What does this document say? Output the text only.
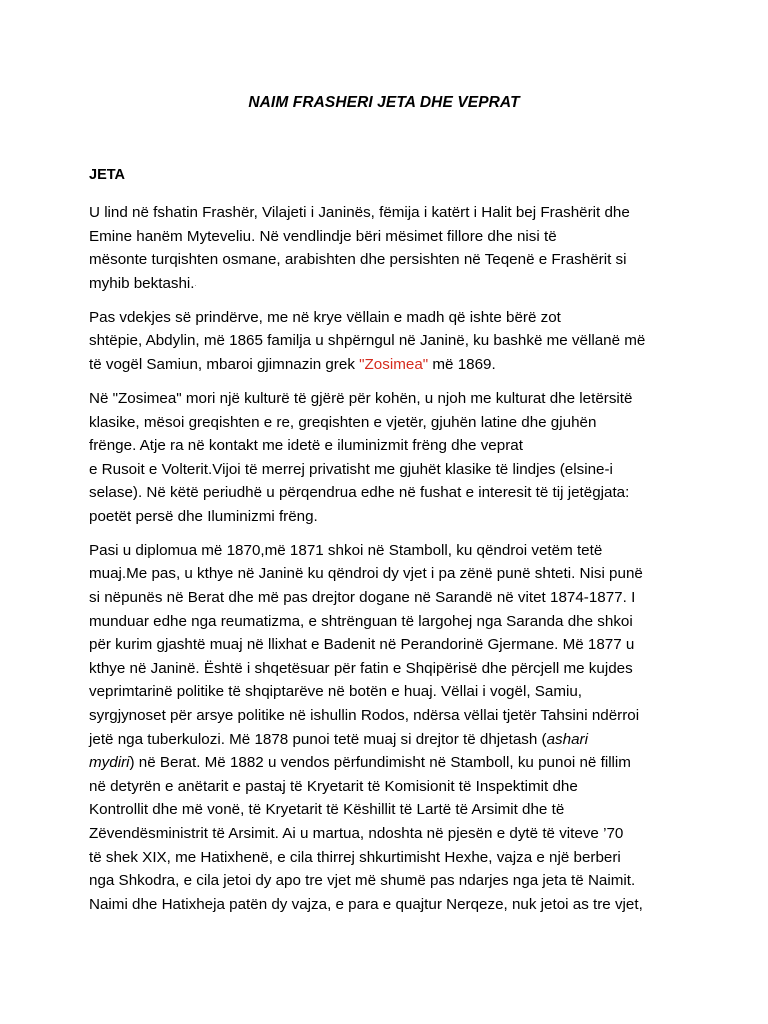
NAIM FRASHERI JETA DHE VEPRAT
JETA
U lind në fshatin Frashër, Vilajeti i Janinës, fëmija i katërt i Halit bej Frashërit dhe
Emine hanëm Myteveliu. Në vendlindje bëri mësimet fillore dhe nisi të
mësonte turqishten osmane, arabishten dhe persishten në Teqenë e Frashërit si
myhib bektashi..
Pas vdekjes së prindërve, me në krye vëllain e madh që ishte bërë zot
shtëpie, Abdylin, më 1865 familja u shpërngul në Janinë, ku bashkë me vëllanë më
të vogël Samiun, mbaroi gjimnazin grek "Zosimea" më 1869.
Në "Zosimea" mori një kulturë të gjërë për kohën, u njoh me kulturat dhe letërsitë
klasike, mësoi greqishten e re, greqishten e vjetër, gjuhën latine dhe gjuhën
frënge. Atje ra në kontakt me idetë e iluminizmit frëng dhe veprat
e Rusoit e Volterit.Vijoi të merrej privatisht me gjuhët klasike të lindjes (elsine-i
selase). Në këtë periudhë u përqendrua edhe në fushat e interesit të tij jetëgjata:
poetët persë dhe Iluminizmi frëng.
Pasi u diplomua më 1870,më 1871 shkoi në Stamboll, ku qëndroi vetëm tetë
muaj.Me pas, u kthye në Janinë ku qëndroi dy vjet i pa zënë punë shteti. Nisi punë
si nëpunës në Berat dhe më pas drejtor dogane në Sarandë në vitet 1874-1877. I
munduar edhe nga reumatizma, e shtrënguan të largohej nga Saranda dhe shkoi
për kurim gjashtë muaj në llixhat e Badenit në Perandorinë Gjermane. Më 1877 u
kthye në Janinë. Është i shqetësuar për fatin e Shqipërisë dhe përcjell me kujdes
veprimtarinë politike të shqiptarëve në botën e huaj. Vëllai i vogël, Samiu,
syrgjynoset për arsye politike në ishullin Rodos, ndërsa vëllai tjetër Tahsini ndërroi
jetë nga tuberkulozi. Më 1878 punoi tetë muaj si drejtor të dhjetash (ashari
mydiri) në Berat. Më 1882 u vendos përfundimisht në Stamboll, ku punoi në fillim
në detyrën e anëtarit e pastaj të Kryetarit të Komisionit të Inspektimit dhe
Kontrollit dhe më vonë, të Kryetarit të Këshillit të Lartë të Arsimit dhe të
Zëvendësministrit të Arsimit. Ai u martua, ndoshta në pjesën e dytë të viteve ’70
të shek XIX, me Hatixhenë, e cila thirrej shkurtimisht Hexhe, vajza e një berberi
nga Shkodra, e cila jetoi dy apo tre vjet më shumë pas ndarjes nga jeta të Naimit.
Naimi dhe Hatixheja patën dy vajza, e para e quajtur Nerqeze, nuk jetoi as tre vjet,
